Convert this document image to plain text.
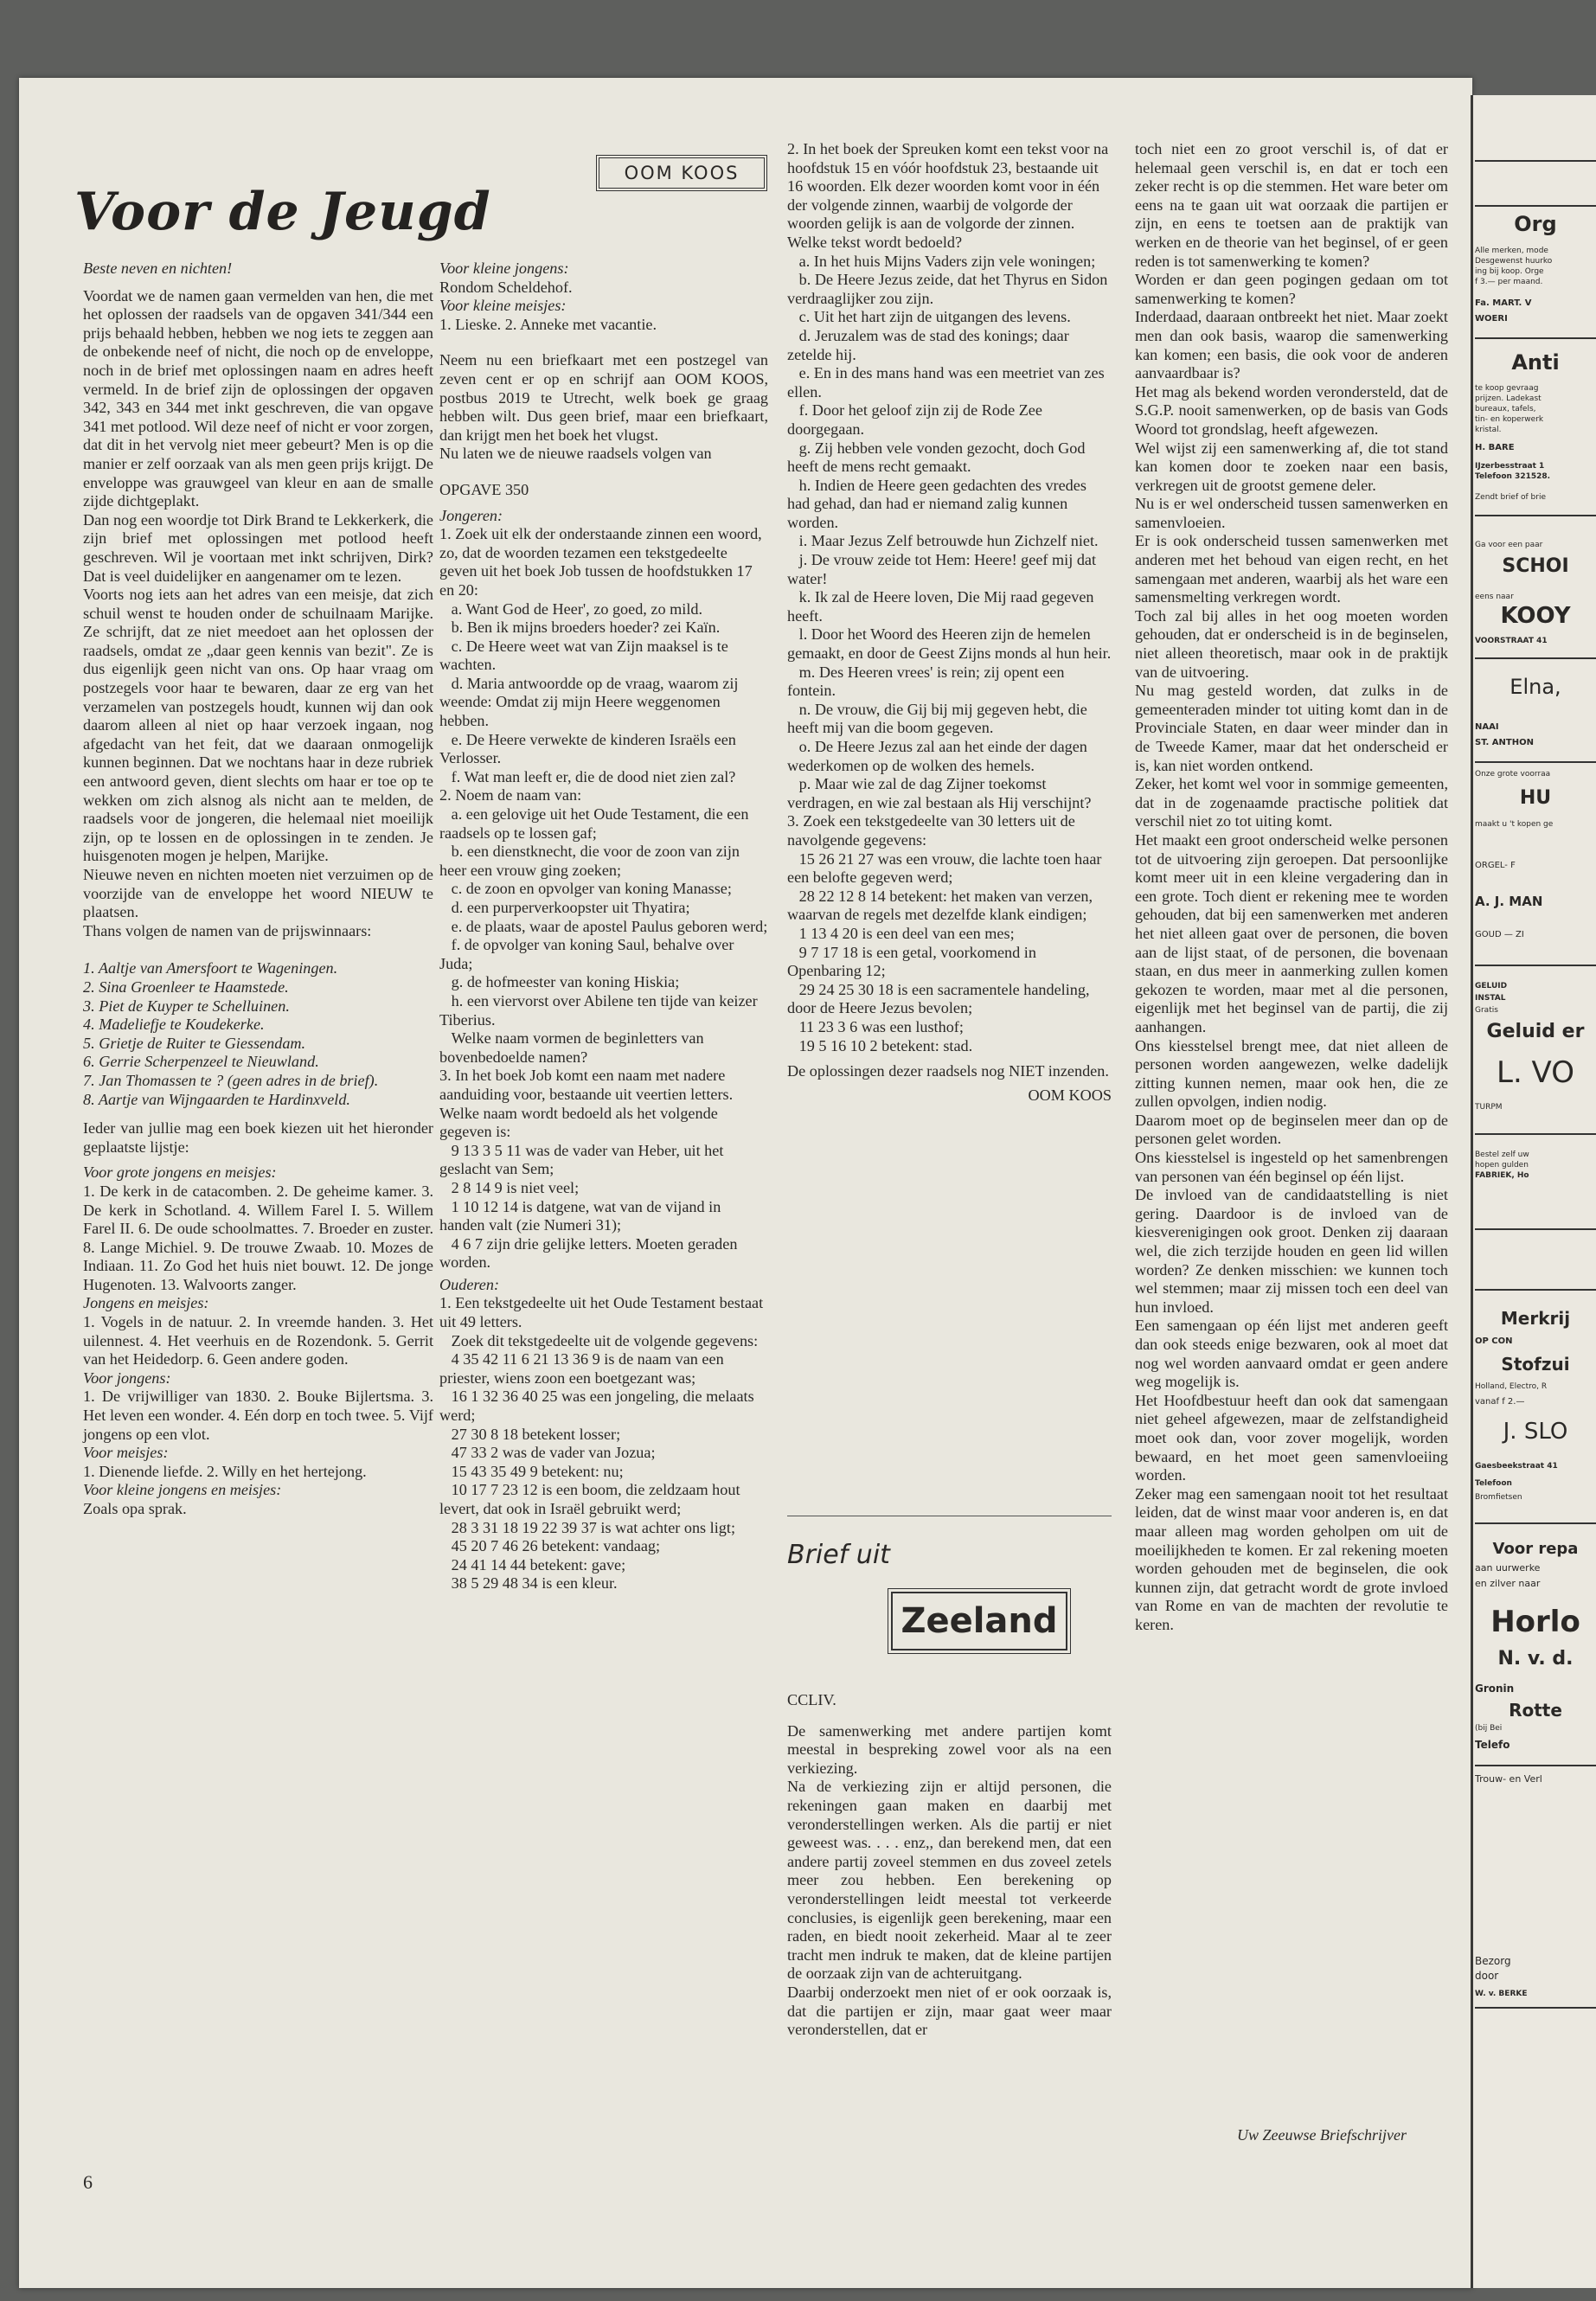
Voor de Jeugd
OOM KOOS

Beste neven en nichten!

Voordat we de namen gaan vermelden van hen, die met het oplossen der raadsels van de opgaven 341/344 een prijs behaald hebben, hebben we nog iets te zeggen aan de onbekende neef of nicht, die noch op de enveloppe, noch in de brief met oplossingen naam en adres heeft vermeld. In de brief zijn de oplossingen der opgaven 342, 343 en 344 met inkt geschreven, die van opgave 341 met potlood. Wil deze neef of nicht er voor zorgen, dat dit in het vervolg niet meer gebeurt? Men is op die manier er zelf oorzaak van als men geen prijs krijgt. De enveloppe was grauwgeel van kleur en aan de smalle zijde dichtgeplakt.
Dan nog een woordje tot Dirk Brand te Lekkerkerk, die zijn brief met oplossingen met potlood heeft geschreven. Wil je voortaan met inkt schrijven, Dirk? Dat is veel duidelijker en aangenamer om te lezen.
Voorts nog iets aan het adres van een meisje, dat zich schuil wenst te houden onder de schuilnaam Marijke. Ze schrijft, dat ze niet meedoet aan het oplossen der raadsels, omdat ze „daar geen kennis van bezit". Ze is dus eigenlijk geen nicht van ons. Op haar vraag om postzegels voor haar te bewaren, daar ze erg van het verzamelen van postzegels houdt, kunnen wij dan ook daarom alleen al niet op haar verzoek ingaan, nog afgedacht van het feit, dat we daaraan onmogelijk kunnen beginnen. Dat we nochtans haar in deze rubriek een antwoord geven, dient slechts om haar er toe op te wekken om zich alsnog als nicht aan te melden, de raadsels voor de jongeren, die helemaal niet moeilijk zijn, op te lossen en de oplossingen in te zenden. Je huisgenoten mogen je helpen, Marijke.
Nieuwe neven en nichten moeten niet verzuimen op de voorzijde van de enveloppe het woord NIEUW te plaatsen.
Thans volgen de namen van de prijswinnaars:

1. Aaltje van Amersfoort te Wageningen.

2. Sina Groenleer te Haamstede.

3. Piet de Kuyper te Schelluinen.

4. Madeliefje te Koudekerke.

5. Grietje de Ruiter te Giessendam.

6. Gerrie Scherpenzeel te Nieuwland.

7. Jan Thomassen te ? (geen adres in de brief).

8. Aartje van Wijngaarden te Hardinxveld.

Ieder van jullie mag een boek kiezen uit het hieronder geplaatste lijstje:

Voor grote jongens en meisjes:

1. De kerk in de catacomben. 2. De geheime kamer. 3. De kerk in Schotland. 4. Willem Farel I. 5. Willem Farel II. 6. De oude schoolmattes. 7. Broeder en zuster. 8. Lange Michiel. 9. De trouwe Zwaab. 10. Mozes de Indiaan. 11. Zo God het huis niet bouwt. 12. De jonge Hugenoten. 13. Walvoorts zanger.

Jongens en meisjes:

1. Vogels in de natuur. 2. In vreemde handen. 3. Het uilennest. 4. Het veerhuis en de Rozendonk. 5. Gerrit van het Heidedorp. 6. Geen andere goden.

Voor jongens:

1. De vrijwilliger van 1830. 2. Bouke Bijlertsma. 3. Het leven een wonder. 4. Eén dorp en toch twee. 5. Vijf jongens op een vlot.

Voor meisjes:

1. Dienende liefde. 2. Willy en het hertejong.

Voor kleine jongens en meisjes:

Zoals opa sprak.

Voor kleine jongens:

Rondom Scheldehof.

Voor kleine meisjes:

1. Lieske. 2. Anneke met vacantie.

Neem nu een briefkaart met een postzegel van zeven cent er op en schrijf aan OOM KOOS, postbus 2019 te Utrecht, welk boek ge graag hebben wilt. Dus geen brief, maar een briefkaart, dan krijgt men het boek het vlugst.
Nu laten we de nieuwe raadsels volgen van

OPGAVE 350

Jongeren:

1. Zoek uit elk der onderstaande zinnen een woord, zo, dat de woorden tezamen een tekstgedeelte geven uit het boek Job tussen de hoofdstukken 17 en 20:
a. Want God de Heer', zo goed, zo mild.
b. Ben ik mijns broeders hoeder? zei Kaïn.
c. De Heere weet wat van Zijn maaksel is te wachten.
d. Maria antwoordde op de vraag, waarom zij weende: Omdat zij mijn Heere weggenomen hebben.
e. De Heere verwekte de kinderen Israëls een Verlosser.
f. Wat man leeft er, die de dood niet zien zal?
2. Noem de naam van:
a. een gelovige uit het Oude Testament, die een raadsels op te lossen gaf;
b. een dienstknecht, die voor de zoon van zijn heer een vrouw ging zoeken;
c. de zoon en opvolger van koning Manasse;
d. een purperverkoopster uit Thyatira;
e. de plaats, waar de apostel Paulus geboren werd;
f. de opvolger van koning Saul, behalve over Juda;
g. de hofmeester van koning Hiskia;
h. een viervorst over Abilene ten tijde van keizer Tiberius.
Welke naam vormen de beginletters van bovenbedoelde namen?
3. In het boek Job komt een naam met nadere aanduiding voor, bestaande uit veertien letters. Welke naam wordt bedoeld als het volgende gegeven is:
9 13 3 5 11 was de vader van Heber, uit het geslacht van Sem;
2 8 14 9 is niet veel;
1 10 12 14 is datgene, wat van de vijand in handen valt (zie Numeri 31);
4 6 7 zijn drie gelijke letters. Moeten geraden worden.

Ouderen:

1. Een tekstgedeelte uit het Oude Testament bestaat uit 49 letters.
Zoek dit tekstgedeelte uit de volgende gegevens:
4 35 42 11 6 21 13 36 9 is de naam van een priester, wiens zoon een boetgezant was;
16 1 32 36 40 25 was een jongeling, die melaats werd;
27 30 8 18 betekent losser;
47 33 2 was de vader van Jozua;
15 43 35 49 9 betekent: nu;
10 17 7 23 12 is een boom, die zeldzaam hout levert, dat ook in Israël gebruikt werd;
28 3 31 18 19 22 39 37 is wat achter ons ligt;
45 20 7 46 26 betekent: vandaag;
24 41 14 44 betekent: gave;
38 5 29 48 34 is een kleur.

2. In het boek der Spreuken komt een tekst voor na hoofdstuk 15 en vóór hoofdstuk 23, bestaande uit 16 woorden. Elk dezer woorden komt voor in één der volgende zinnen, waarbij de volgorde der woorden gelijk is aan de volgorde der zinnen. Welke tekst wordt bedoeld?
a. In het huis Mijns Vaders zijn vele woningen;
b. De Heere Jezus zeide, dat het Thyrus en Sidon verdraaglijker zou zijn.
c. Uit het hart zijn de uitgangen des levens.
d. Jeruzalem was de stad des konings; daar zetelde hij.
e. En in des mans hand was een meetriet van zes ellen.
f. Door het geloof zijn zij de Rode Zee doorgegaan.
g. Zij hebben vele vonden gezocht, doch God heeft de mens recht gemaakt.
h. Indien de Heere geen gedachten des vredes had gehad, dan had er niemand zalig kunnen worden.
i. Maar Jezus Zelf betrouwde hun Zichzelf niet.
j. De vrouw zeide tot Hem: Heere! geef mij dat water!
k. Ik zal de Heere loven, Die Mij raad gegeven heeft.
l. Door het Woord des Heeren zijn de hemelen gemaakt, en door de Geest Zijns monds al hun heir.
m. Des Heeren vrees' is rein; zij opent een fontein.
n. De vrouw, die Gij bij mij gegeven hebt, die heeft mij van die boom gegeven.
o. De Heere Jezus zal aan het einde der dagen wederkomen op de wolken des hemels.
p. Maar wie zal de dag Zijner toekomst verdragen, en wie zal bestaan als Hij verschijnt?
3. Zoek een tekstgedeelte van 30 letters uit de navolgende gegevens:
15 26 21 27 was een vrouw, die lachte toen haar een belofte gegeven werd;
28 22 12 8 14 betekent: het maken van verzen, waarvan de regels met dezelfde klank eindigen;
1 13 4 20 is een deel van een mes;
9 7 17 18 is een getal, voorkomend in Openbaring 12;
29 24 25 30 18 is een sacramentele handeling, door de Heere Jezus bevolen;
11 23 3 6 was een lusthof;
19 5 16 10 2 betekent: stad.

De oplossingen dezer raadsels nog NIET inzenden.

OOM KOOS

Brief uit
Zeeland

CCLIV.

De samenwerking met andere partijen komt meestal in bespreking zowel voor als na een verkiezing.
Na de verkiezing zijn er altijd personen, die rekeningen gaan maken en daarbij met veronderstellingen werken. Als die partij er niet geweest was. . . . enz,, dan berekend men, dat een andere partij zoveel stemmen en dus zoveel zetels meer zou hebben. Een berekening op veronderstellingen leidt meestal tot verkeerde conclusies, is eigenlijk geen berekening, maar een raden, en biedt nooit zekerheid. Maar al te zeer tracht men indruk te maken, dat de kleine partijen de oorzaak zijn van de achteruitgang.
Daarbij onderzoekt men niet of er ook oorzaak is, dat die partijen er zijn, maar gaat weer maar veronderstellen, dat er

toch niet een zo groot verschil is, of dat er helemaal geen verschil is, en dat er toch een zeker recht is op die stemmen. Het ware beter om eens na te gaan uit wat oorzaak die partijen er zijn, en eens te toetsen aan de praktijk van werken en de theorie van het beginsel, of er geen reden is tot samenwerking te komen?
Worden er dan geen pogingen gedaan om tot samenwerking te komen?
Inderdaad, daaraan ontbreekt het niet. Maar zoekt men dan ook basis, waarop die samenwerking kan komen; een basis, die ook voor de anderen aanvaardbaar is?
Het mag als bekend worden verondersteld, dat de S.G.P. nooit samenwerken, op de basis van Gods Woord tot grondslag, heeft afgewezen.
Wel wijst zij een samenwerking af, die tot stand kan komen door te zoeken naar een basis, verkregen uit de grootst gemene deler.
Nu is er wel onderscheid tussen samenwerken en samenvloeien.
Er is ook onderscheid tussen samenwerken met anderen met het behoud van eigen recht, en het samengaan met anderen, waarbij als het ware een samensmelting verkregen wordt.
Toch zal bij alles in het oog moeten worden gehouden, dat er onderscheid is in de beginselen, niet alleen theoretisch, maar ook in de praktijk van de uitvoering.
Nu mag gesteld worden, dat zulks in de gemeenteraden minder tot uiting komt dan in de Provinciale Staten, en daar weer minder dan in de Tweede Kamer, maar dat het onderscheid er is, kan niet worden ontkend.
Zeker, het komt wel voor in sommige gemeenten, dat in de zogenaamde practische politiek dat verschil niet zo tot uiting komt.
Het maakt een groot onderscheid welke personen tot de uitvoering zijn geroepen. Dat persoonlijke komt meer uit in een kleine vergadering dan in een grote. Toch dient er rekening mee te worden gehouden, dat bij een samenwerken met anderen het niet alleen gaat over de personen, die boven aan de lijst staat, of de personen, die bovenaan staan, en dus meer in aanmerking zullen komen gekozen te worden, maar met al die personen, eigenlijk met het beginsel van de partij, die zij aanhangen.
Ons kiesstelsel brengt mee, dat niet alleen de personen worden aangewezen, welke dadelijk zitting kunnen nemen, maar ook hen, die ze zullen opvolgen, indien nodig.
Daarom moet op de beginselen meer dan op de personen gelet worden.
Ons kiesstelsel is ingesteld op het samenbrengen van personen van één beginsel op één lijst.
De invloed van de candidaatstelling is niet gering. Daardoor is de invloed van de kiesverenigingen ook groot. Denken zij daaraan wel, die zich terzijde houden en geen lid willen worden? Ze denken misschien: we kunnen toch wel stemmen; maar zij missen toch een deel van hun invloed.
Een samengaan op één lijst met anderen geeft dan ook steeds enige bezwaren, ook al moet dat nog wel worden aanvaard omdat er geen andere weg mogelijk is.
Het Hoofdbestuur heeft dan ook dat samengaan niet geheel afgewezen, maar de zelfstandigheid moet ook dan, voor zover mogelijk, worden bewaard, en het moet geen samenvloeiing worden.
Zeker mag een samengaan nooit tot het resultaat leiden, dat de winst maar voor anderen is, en dat maar alleen mag worden geholpen om uit de moeilijkheden te komen. Er zal rekening moeten worden gehouden met de beginselen, die ook kunnen zijn, dat getracht wordt de grote invloed van Rome en van de machten der revolutie te keren.

Uw Zeeuwse Briefschrijver
6
Org
Alle merken, mode
Desgewenst huurko
ing bij koop. Orge
f 3.— per maand.
Fa. MART. V
WOERI
Anti
te koop gevraag
prijzen. Ladekast
bureaux, tafels,
tin- en koperwerk
kristal.
H. BARE
IJzerbesstraat 1
Telefoon 321528.
Zendt brief of brie
Ga voor een paar
SCHOI
eens naar
KOOY
VOORSTRAAT 41
Elna,
NAAI
ST. ANTHON
Onze grote voorraa
HU
maakt u 't kopen ge
ORGEL- F
A. J. MAN
GOUD — ZI
GELUID
INSTAL
Gratis
Geluid er
L. VO
TURPM
Bestel zelf uw
hopen gulden
FABRIEK, Ho
Merkrij
OP CON
Stofzui
Holland, Electro, R
vanaf f 2.—
J. SLO
Gaesbeekstraat 41
Telefoon
Bromfietsen
Voor repa
aan uurwerke
en zilver naar
Horlo
N. v. d.
Gronin
Rotte
(bij Bei
Telefo
Trouw- en Verl
Bezorg
door
W. v. BERKE
